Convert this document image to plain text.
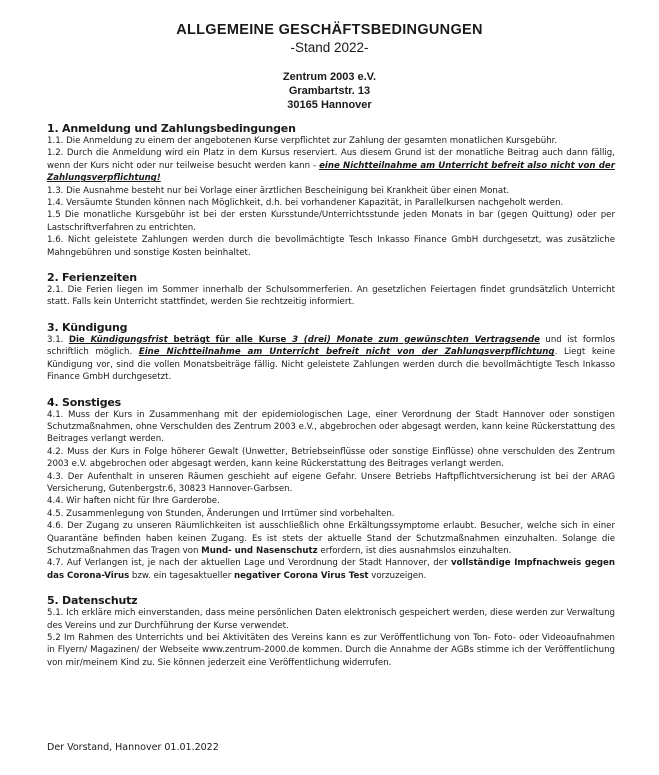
ALLGEMEINE GESCHÄFTSBEDINGUNGEN
-Stand 2022-
Zentrum 2003 e.V.
Grambartstr. 13
30165 Hannover
1. Anmeldung und Zahlungsbedingungen

1.1. Die Anmeldung zu einem der angebotenen Kurse verpflichtet zur Zahlung der gesamten monatlichen Kursgebühr.

1.2. Durch die Anmeldung wird ein Platz in dem Kursus reserviert. Aus diesem Grund ist der monatliche Beitrag auch dann fällig, wenn der Kurs nicht oder nur teilweise besucht werden kann - eine Nichtteilnahme am Unterricht befreit also nicht von der Zahlungsverpflichtung!

1.3. Die Ausnahme besteht nur bei Vorlage einer ärztlichen Bescheinigung bei Krankheit über einen Monat.

1.4. Versäumte Stunden können nach Möglichkeit, d.h. bei vorhandener Kapazität, in Parallelkursen nachgeholt werden.

1.5 Die monatliche Kursgebühr ist bei der ersten Kursstunde/Unterrichtsstunde jeden Monats in bar (gegen Quittung) oder per Lastschriftverfahren zu entrichten.

1.6. Nicht geleistete Zahlungen werden durch die bevollmächtigte Tesch Inkasso Finance GmbH durchgesetzt, was zusätzliche Mahngebühren und sonstige Kosten beinhaltet.

2. Ferienzeiten

2.1. Die Ferien liegen im Sommer innerhalb der Schulsommerferien. An gesetzlichen Feiertagen findet grundsätzlich Unterricht statt. Falls kein Unterricht stattfindet, werden Sie rechtzeitig informiert.

3. Kündigung

3.1. Die Kündigungsfrist beträgt für alle Kurse 3 (drei) Monate zum gewünschten Vertragsende und ist formlos schriftlich möglich. Eine Nichtteilnahme am Unterricht befreit nicht von der Zahlungsverpflichtung. Liegt keine Kündigung vor, sind die vollen Monatsbeiträge fällig. Nicht geleistete Zahlungen werden durch die bevollmächtigte Tesch Inkasso Finance GmbH durchgesetzt.

4. Sonstiges

4.1. Muss der Kurs in Zusammenhang mit der epidemiologischen Lage, einer Verordnung der Stadt Hannover oder sonstigen Schutzmaßnahmen, ohne Verschulden des Zentrum 2003 e.V., abgebrochen oder abgesagt werden, kann keine Rückerstattung des Beitrages verlangt werden.

4.2. Muss der Kurs in Folge höherer Gewalt (Unwetter, Betriebseinflüsse oder sonstige Einflüsse) ohne verschulden des Zentrum 2003 e.V. abgebrochen oder abgesagt werden, kann keine Rückerstattung des Beitrages verlangt werden.

4.3. Der Aufenthalt in unseren Räumen geschieht auf eigene Gefahr. Unsere Betriebs Haftpflichtversicherung ist bei der ARAG Versicherung, Gutenbergstr.6, 30823 Hannover-Garbsen.

4.4. Wir haften nicht für Ihre Garderobe.

4.5. Zusammenlegung von Stunden, Änderungen und Irrtümer sind vorbehalten.

4.6. Der Zugang zu unseren Räumlichkeiten ist ausschließlich ohne Erkältungssymptome erlaubt. Besucher, welche sich in einer Quarantäne befinden haben keinen Zugang. Es ist stets der aktuelle Stand der Schutzmaßnahmen einzuhalten. Solange die Schutzmaßnahmen das Tragen von Mund- und Nasenschutz erfordern, ist dies ausnahmslos einzuhalten.

4.7. Auf Verlangen ist, je nach der aktuellen Lage und Verordnung der Stadt Hannover, der vollständige Impfnachweis gegen das Corona-Virus bzw. ein tagesaktueller negativer Corona Virus Test vorzuzeigen.

5. Datenschutz

5.1. Ich erkläre mich einverstanden, dass meine persönlichen Daten elektronisch gespeichert werden, diese werden zur Verwaltung des Vereins und zur Durchführung der Kurse verwendet.

5.2 Im Rahmen des Unterrichts und bei Aktivitäten des Vereins kann es zur Veröffentlichung von Ton- Foto- oder Videoaufnahmen in Flyern/ Magazinen/ der Webseite www.zentrum-2000.de kommen. Durch die Annahme der AGBs stimme ich der Veröffentlichung von mir/meinem Kind zu. Sie können jederzeit eine Veröffentlichung widerrufen.

Der Vorstand, Hannover 01.01.2022
